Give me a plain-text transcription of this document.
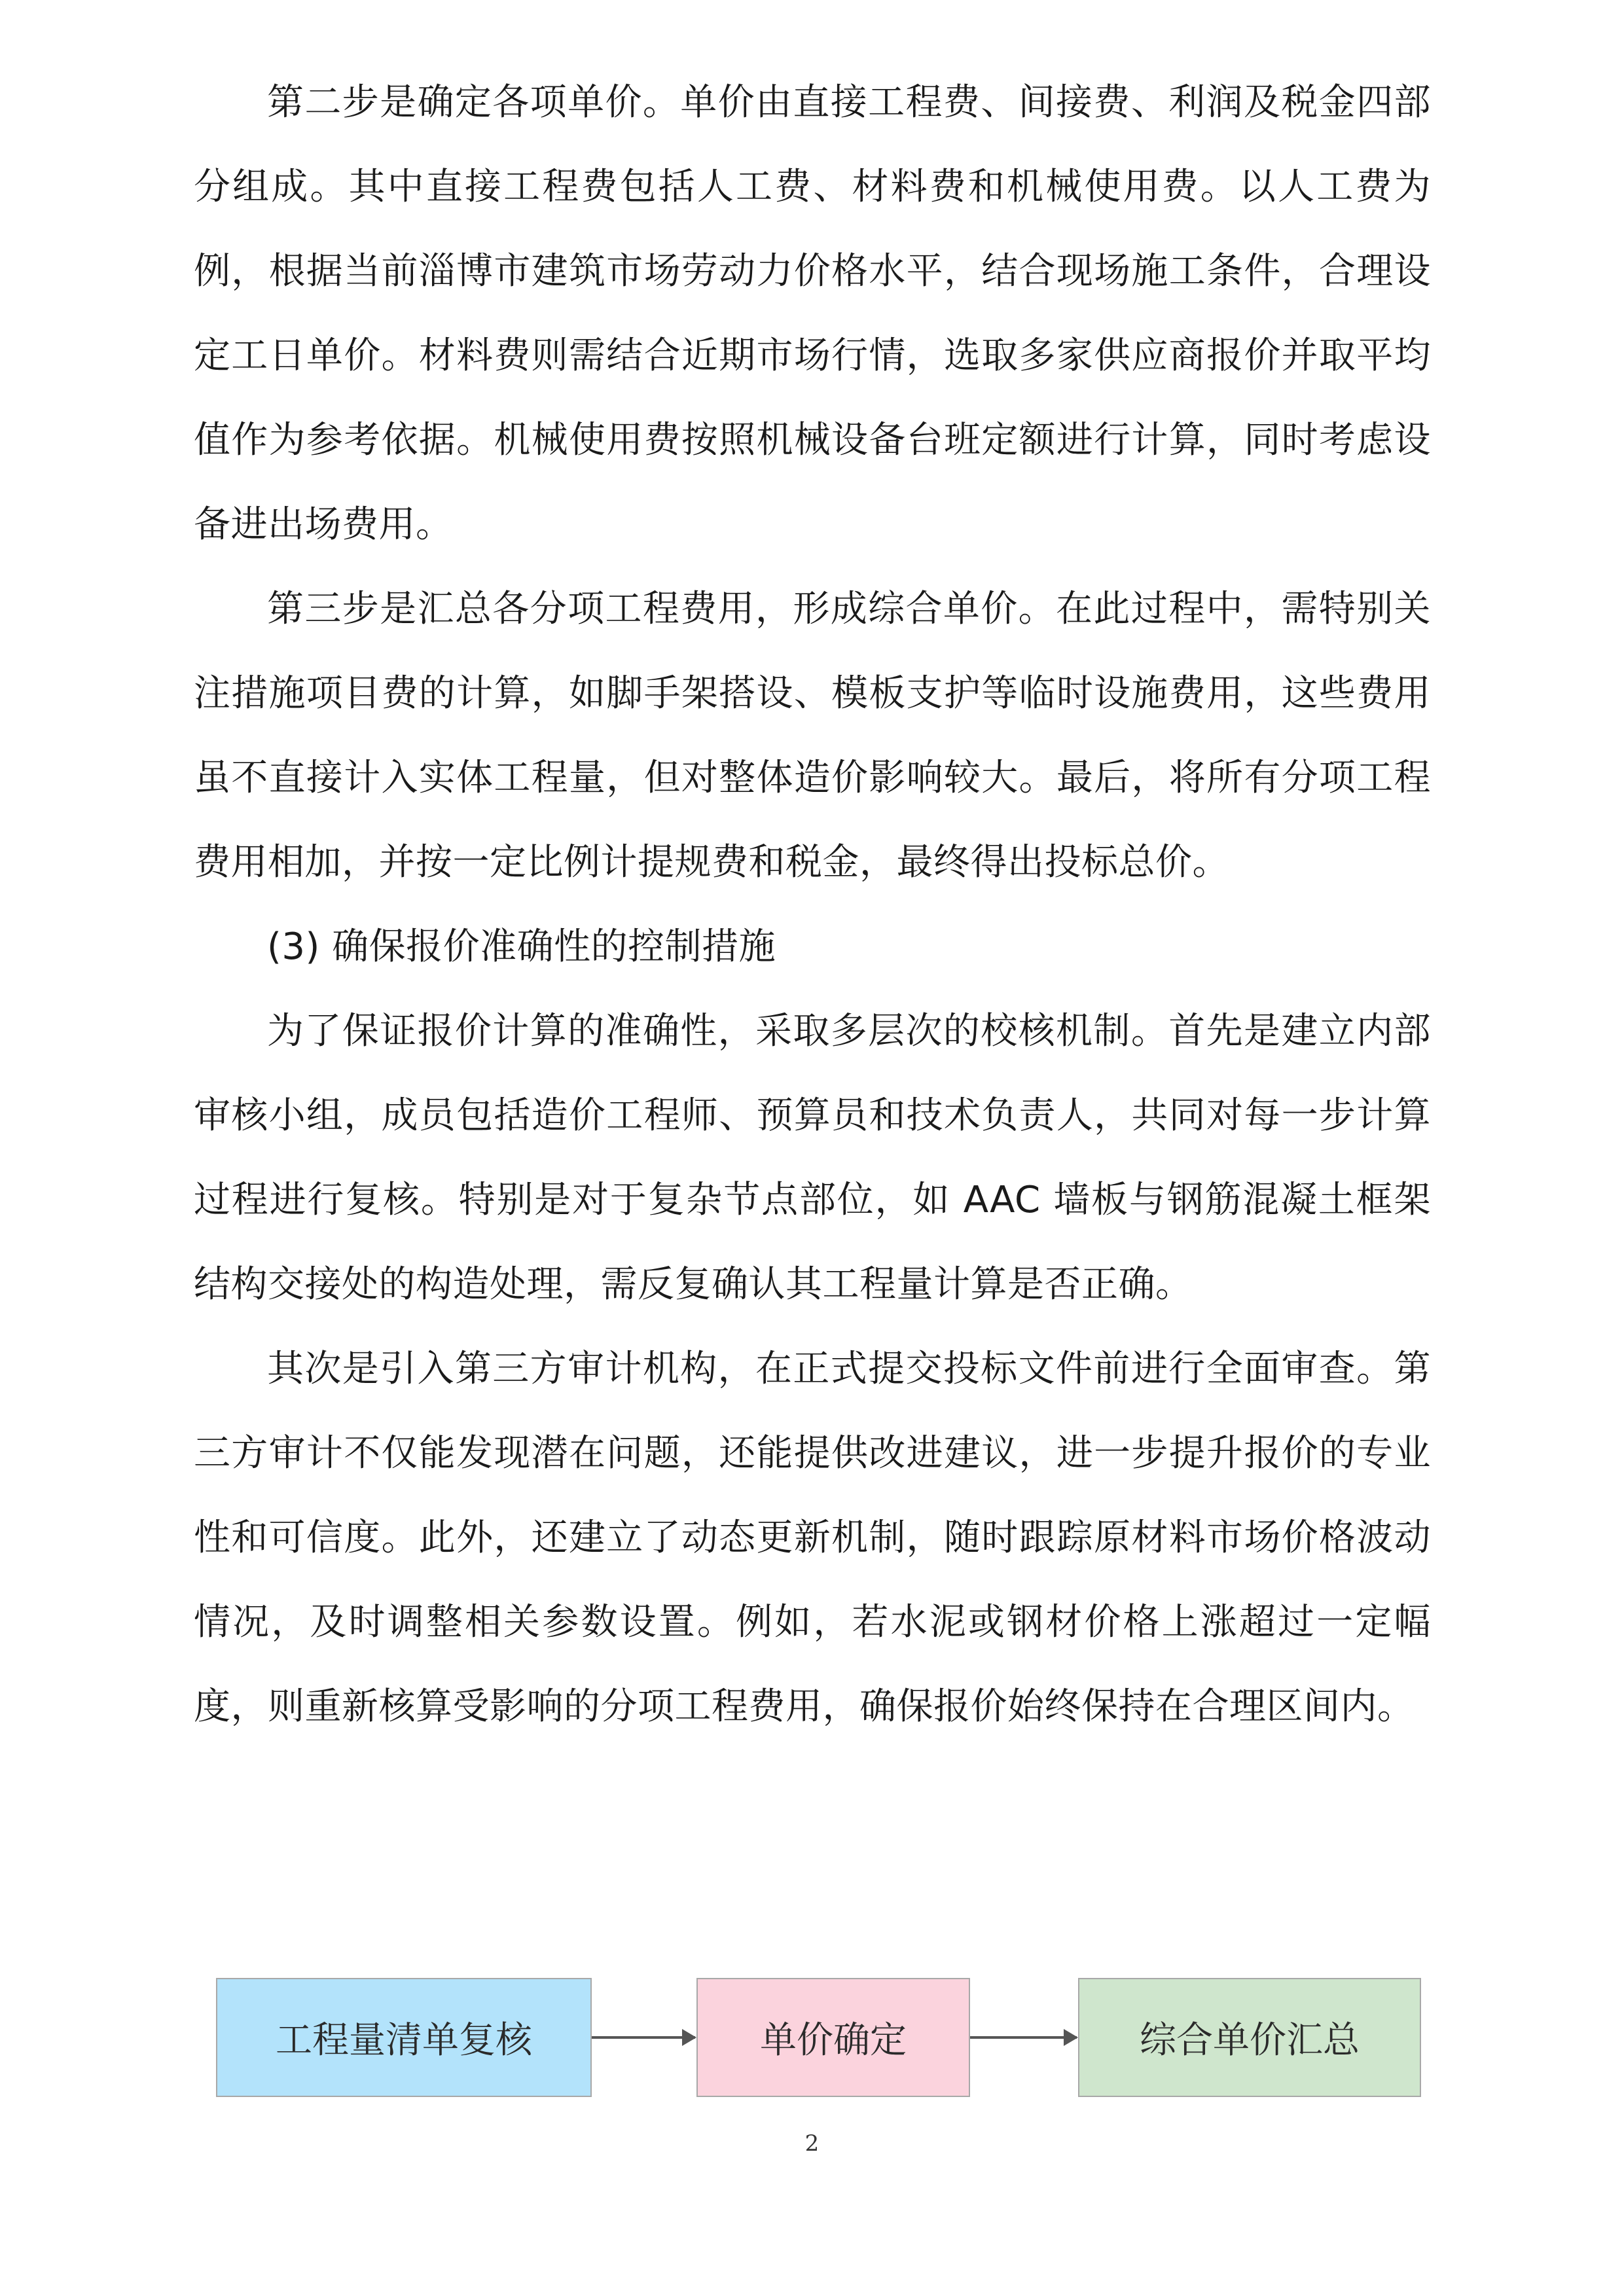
第二步是确定各项单价。单价由直接工程费、间接费、利润及税金四部分组成。其中直接工程费包括人工费、材料费和机械使用费。以人工费为例，根据当前淄博市建筑市场劳动力价格水平，结合现场施工条件，合理设定工日单价。材料费则需结合近期市场行情，选取多家供应商报价并取平均值作为参考依据。机械使用费按照机械设备台班定额进行计算，同时考虑设备进出场费用。

第三步是汇总各分项工程费用，形成综合单价。在此过程中，需特别关注措施项目费的计算，如脚手架搭设、模板支护等临时设施费用，这些费用虽不直接计入实体工程量，但对整体造价影响较大。最后，将所有分项工程费用相加，并按一定比例计提规费和税金，最终得出投标总价。

(3) 确保报价准确性的控制措施

为了保证报价计算的准确性，采取多层次的校核机制。首先是建立内部审核小组，成员包括造价工程师、预算员和技术负责人，共同对每一步计算过程进行复核。特别是对于复杂节点部位，如 AAC 墙板与钢筋混凝土框架结构交接处的构造处理，需反复确认其工程量计算是否正确。

其次是引入第三方审计机构，在正式提交投标文件前进行全面审查。第三方审计不仅能发现潜在问题，还能提供改进建议，进一步提升报价的专业性和可信度。此外，还建立了动态更新机制，随时跟踪原材料市场价格波动情况，及时调整相关参数设置。例如，若水泥或钢材价格上涨超过一定幅度，则重新核算受影响的分项工程费用，确保报价始终保持在合理区间内。

工程量清单复核	单价确定	综合单价汇总
2
